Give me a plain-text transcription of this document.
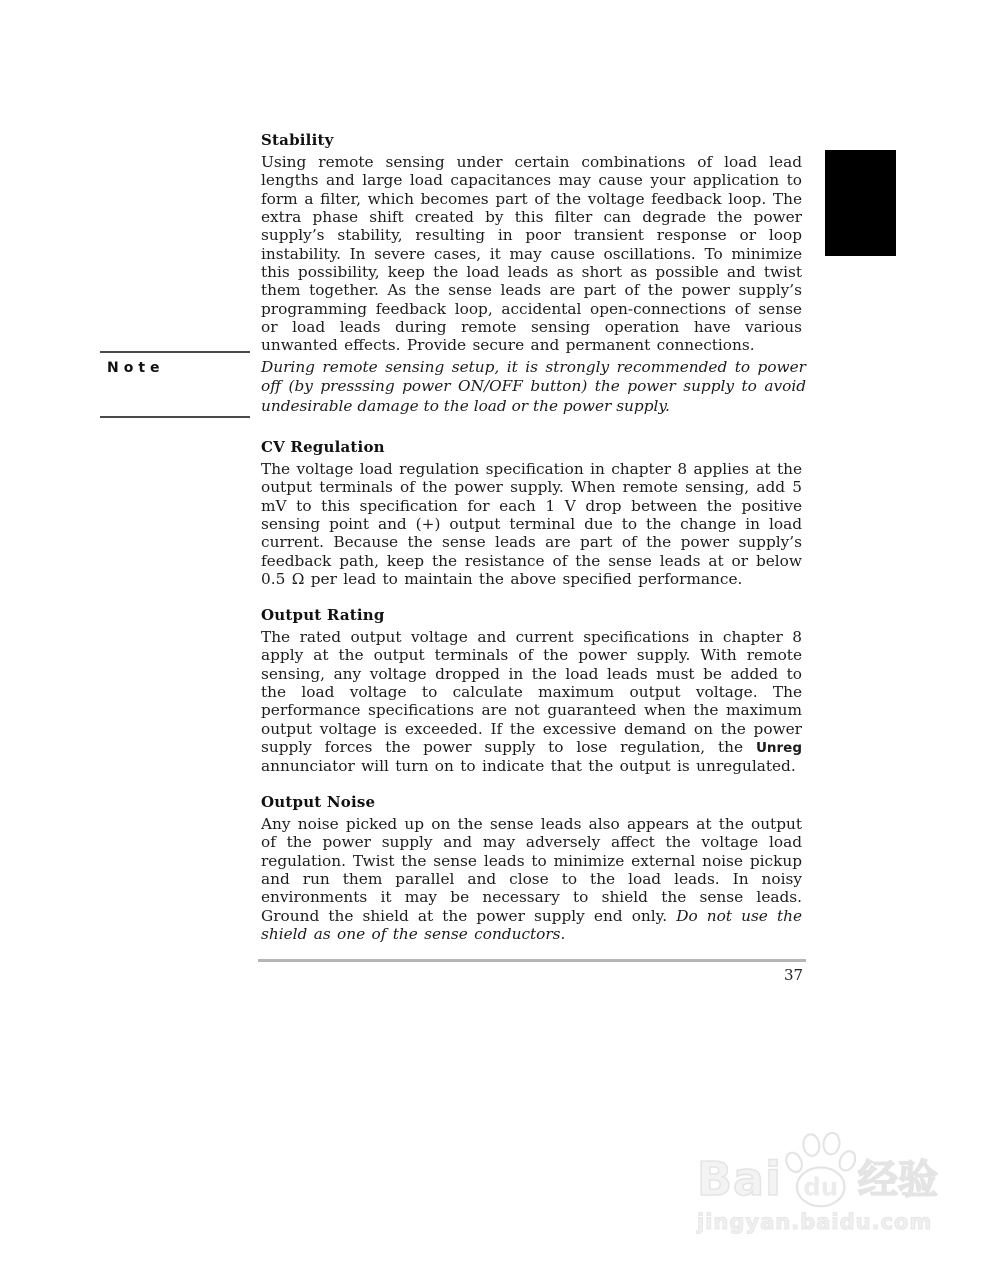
Stability

Using remote sensing under certain combinations of load lead lengths and large load capacitances may cause your application to form a filter, which becomes part of the voltage feedback loop. The extra phase shift created by this filter can degrade the power supply’s stability, resulting in poor transient response or loop instability. In severe cases, it may cause oscillations. To minimize this possibility, keep the load leads as short as possible and twist them together. As the sense leads are part of the power supply’s programming feedback loop, accidental open-connections of sense or load leads during remote sensing operation have various unwanted effects. Provide secure and permanent connections.

Note	During remote sensing setup, it is strongly recommended to power off (by presssing power ON/OFF button) the power supply to avoid undesirable damage to the load or the power supply.

CV Regulation

The voltage load regulation specification in chapter 8 applies at the output terminals of the power supply. When remote sensing, add 5 mV to this specification for each 1 V drop between the positive sensing point and (+) output terminal due to the change in load current. Because the sense leads are part of the power supply’s feedback path, keep the resistance of the sense leads at or below 0.5 Ω per lead to maintain the above specified performance.

Output Rating

The rated output voltage and current specifications in chapter 8 apply at the output terminals of the power supply. With remote sensing, any voltage dropped in the load leads must be added to the load voltage to calculate maximum output voltage. The performance specifications are not guaranteed when the maximum output voltage is exceeded. If the excessive demand on the power supply forces the power supply to lose regulation, the Unreg annunciator will turn on to indicate that the output is unregulated.

Output Noise

Any noise picked up on the sense leads also appears at the output of the power supply and may adversely affect the voltage load regulation. Twist the sense leads to minimize external noise pickup and run them parallel and close to the load leads. In noisy environments it may be necessary to shield the sense leads. Ground the shield at the power supply end only. Do not use the shield as one of the sense conductors.

37
Bai du 经验
jingyan.baidu.com
